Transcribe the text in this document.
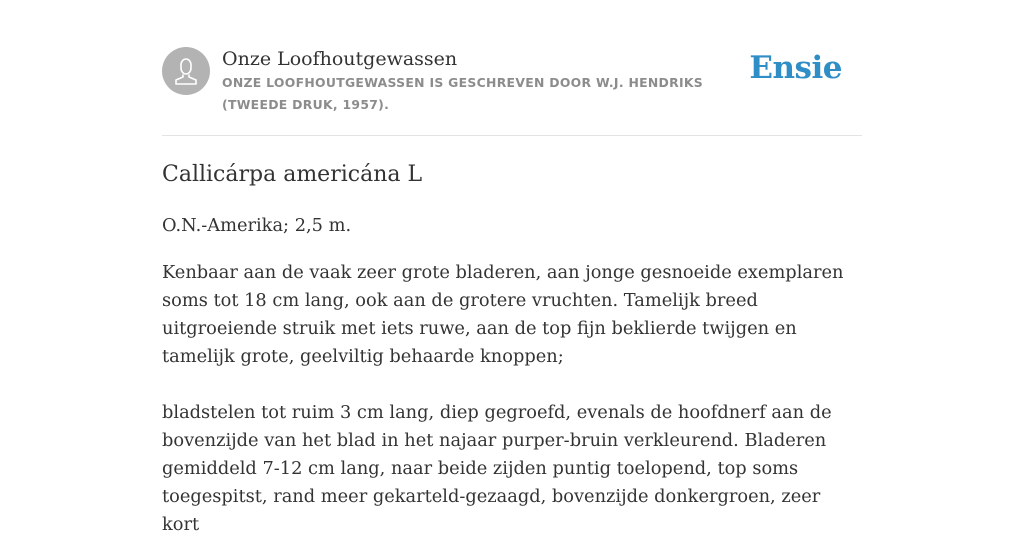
Onze Loofhoutgewassen
ONZE LOOFHOUTGEWASSEN IS GESCHREVEN DOOR W.J. HENDRIKS (TWEEDE DRUK, 1957).
Ensie
Callicárpa americána L

O.N.-Amerika; 2,5 m.

Kenbaar aan de vaak zeer grote bladeren, aan jonge gesnoeide exemplaren soms tot 18 cm lang, ook aan de grotere vruchten. Tamelijk breed uitgroeiende struik met iets ruwe, aan de top fijn beklierde twijgen en tamelijk grote, geelviltig behaarde knoppen;

bladstelen tot ruim 3 cm lang, diep gegroefd, evenals de hoofdnerf aan de bovenzijde van het blad in het najaar purper-bruin verkleurend. Bladeren gemiddeld 7-12 cm lang, naar beide zijden puntig toelopend, top soms toegespitst, rand meer gekarteld-gezaagd, bovenzijde donkergroen, zeer kort
